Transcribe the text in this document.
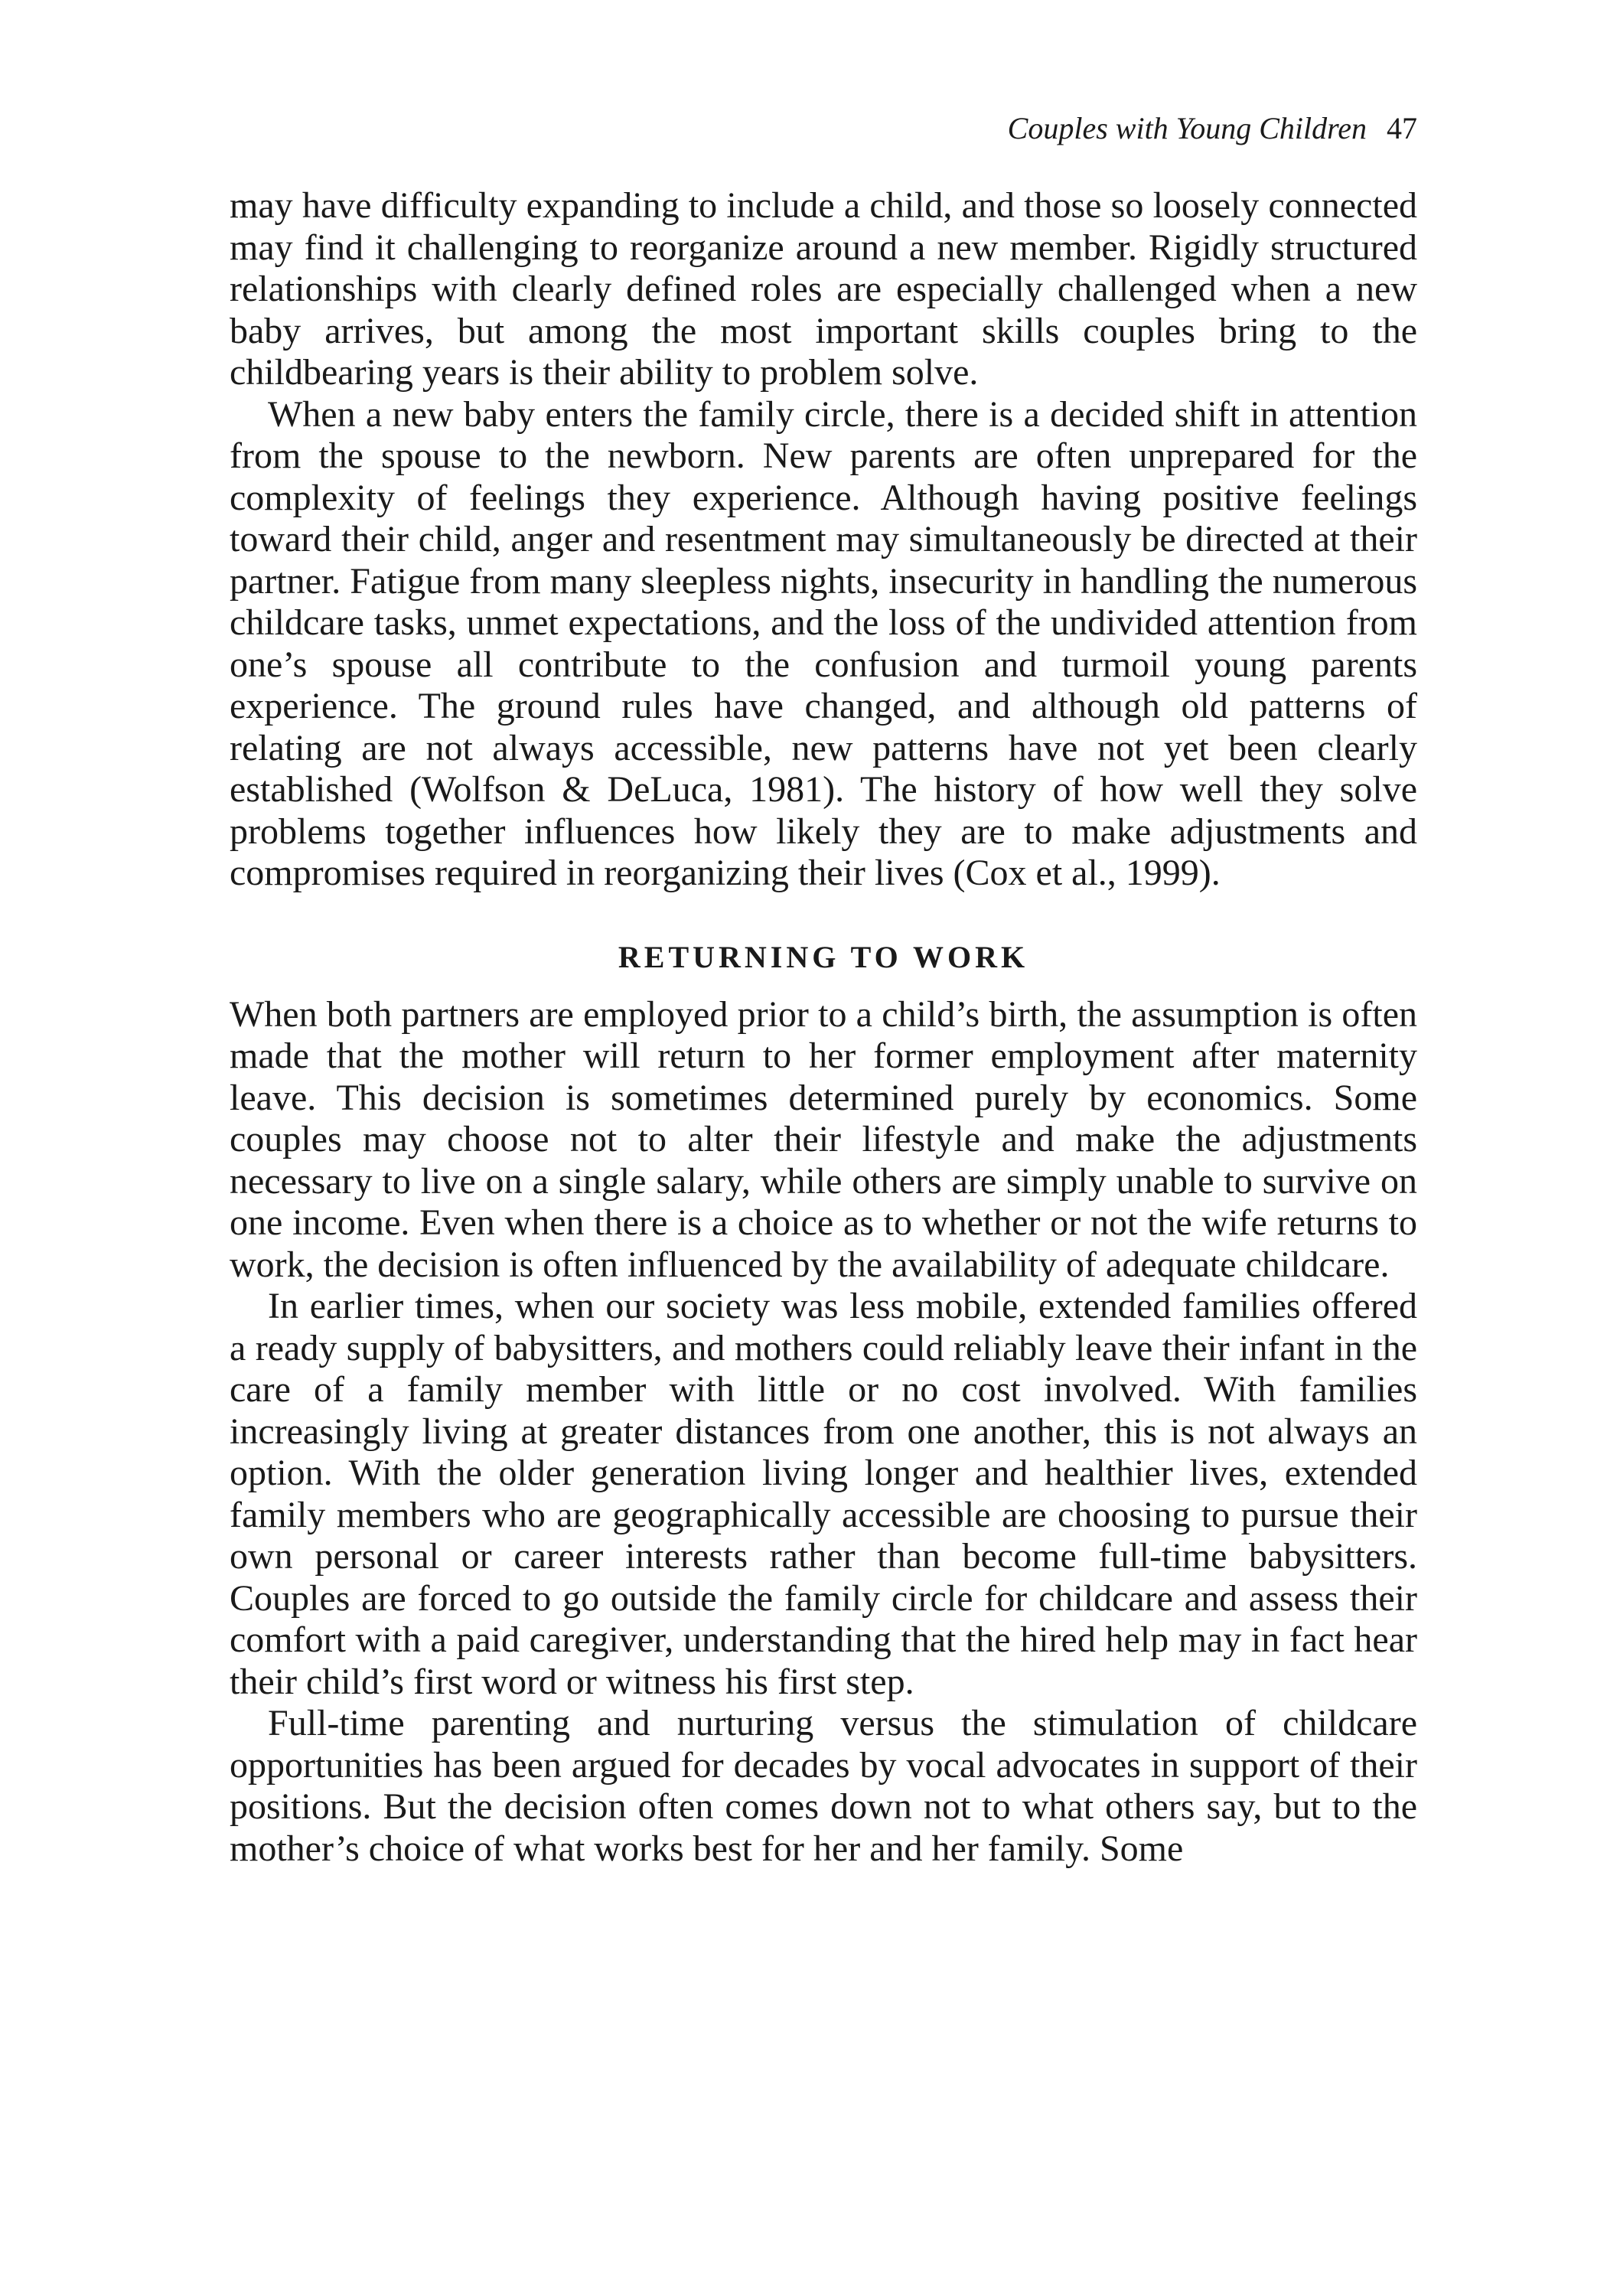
Couples with Young Children 47

may have difficulty expanding to include a child, and those so loosely connected may find it challenging to reorganize around a new member. Rigidly structured relationships with clearly defined roles are especially challenged when a new baby arrives, but among the most important skills couples bring to the childbearing years is their ability to problem solve.

When a new baby enters the family circle, there is a decided shift in attention from the spouse to the newborn. New parents are often unprepared for the complexity of feelings they experience. Although having positive feelings toward their child, anger and resentment may simultaneously be directed at their partner. Fatigue from many sleepless nights, insecurity in handling the numerous childcare tasks, unmet expectations, and the loss of the undivided attention from one’s spouse all contribute to the confusion and turmoil young parents experience. The ground rules have changed, and although old patterns of relating are not always accessible, new patterns have not yet been clearly established (Wolfson & DeLuca, 1981). The history of how well they solve problems together influences how likely they are to make adjustments and compromises required in reorganizing their lives (Cox et al., 1999).

RETURNING TO WORK

When both partners are employed prior to a child’s birth, the assumption is often made that the mother will return to her former employment after maternity leave. This decision is sometimes determined purely by economics. Some couples may choose not to alter their lifestyle and make the adjustments necessary to live on a single salary, while others are simply unable to survive on one income. Even when there is a choice as to whether or not the wife returns to work, the decision is often influenced by the availability of adequate childcare.

In earlier times, when our society was less mobile, extended families offered a ready supply of babysitters, and mothers could reliably leave their infant in the care of a family member with little or no cost involved. With families increasingly living at greater distances from one another, this is not always an option. With the older generation living longer and healthier lives, extended family members who are geographically accessible are choosing to pursue their own personal or career interests rather than become full-time babysitters. Couples are forced to go outside the family circle for childcare and assess their comfort with a paid caregiver, understanding that the hired help may in fact hear their child’s first word or witness his first step.

Full-time parenting and nurturing versus the stimulation of childcare opportunities has been argued for decades by vocal advocates in support of their positions. But the decision often comes down not to what others say, but to the mother’s choice of what works best for her and her family. Some
